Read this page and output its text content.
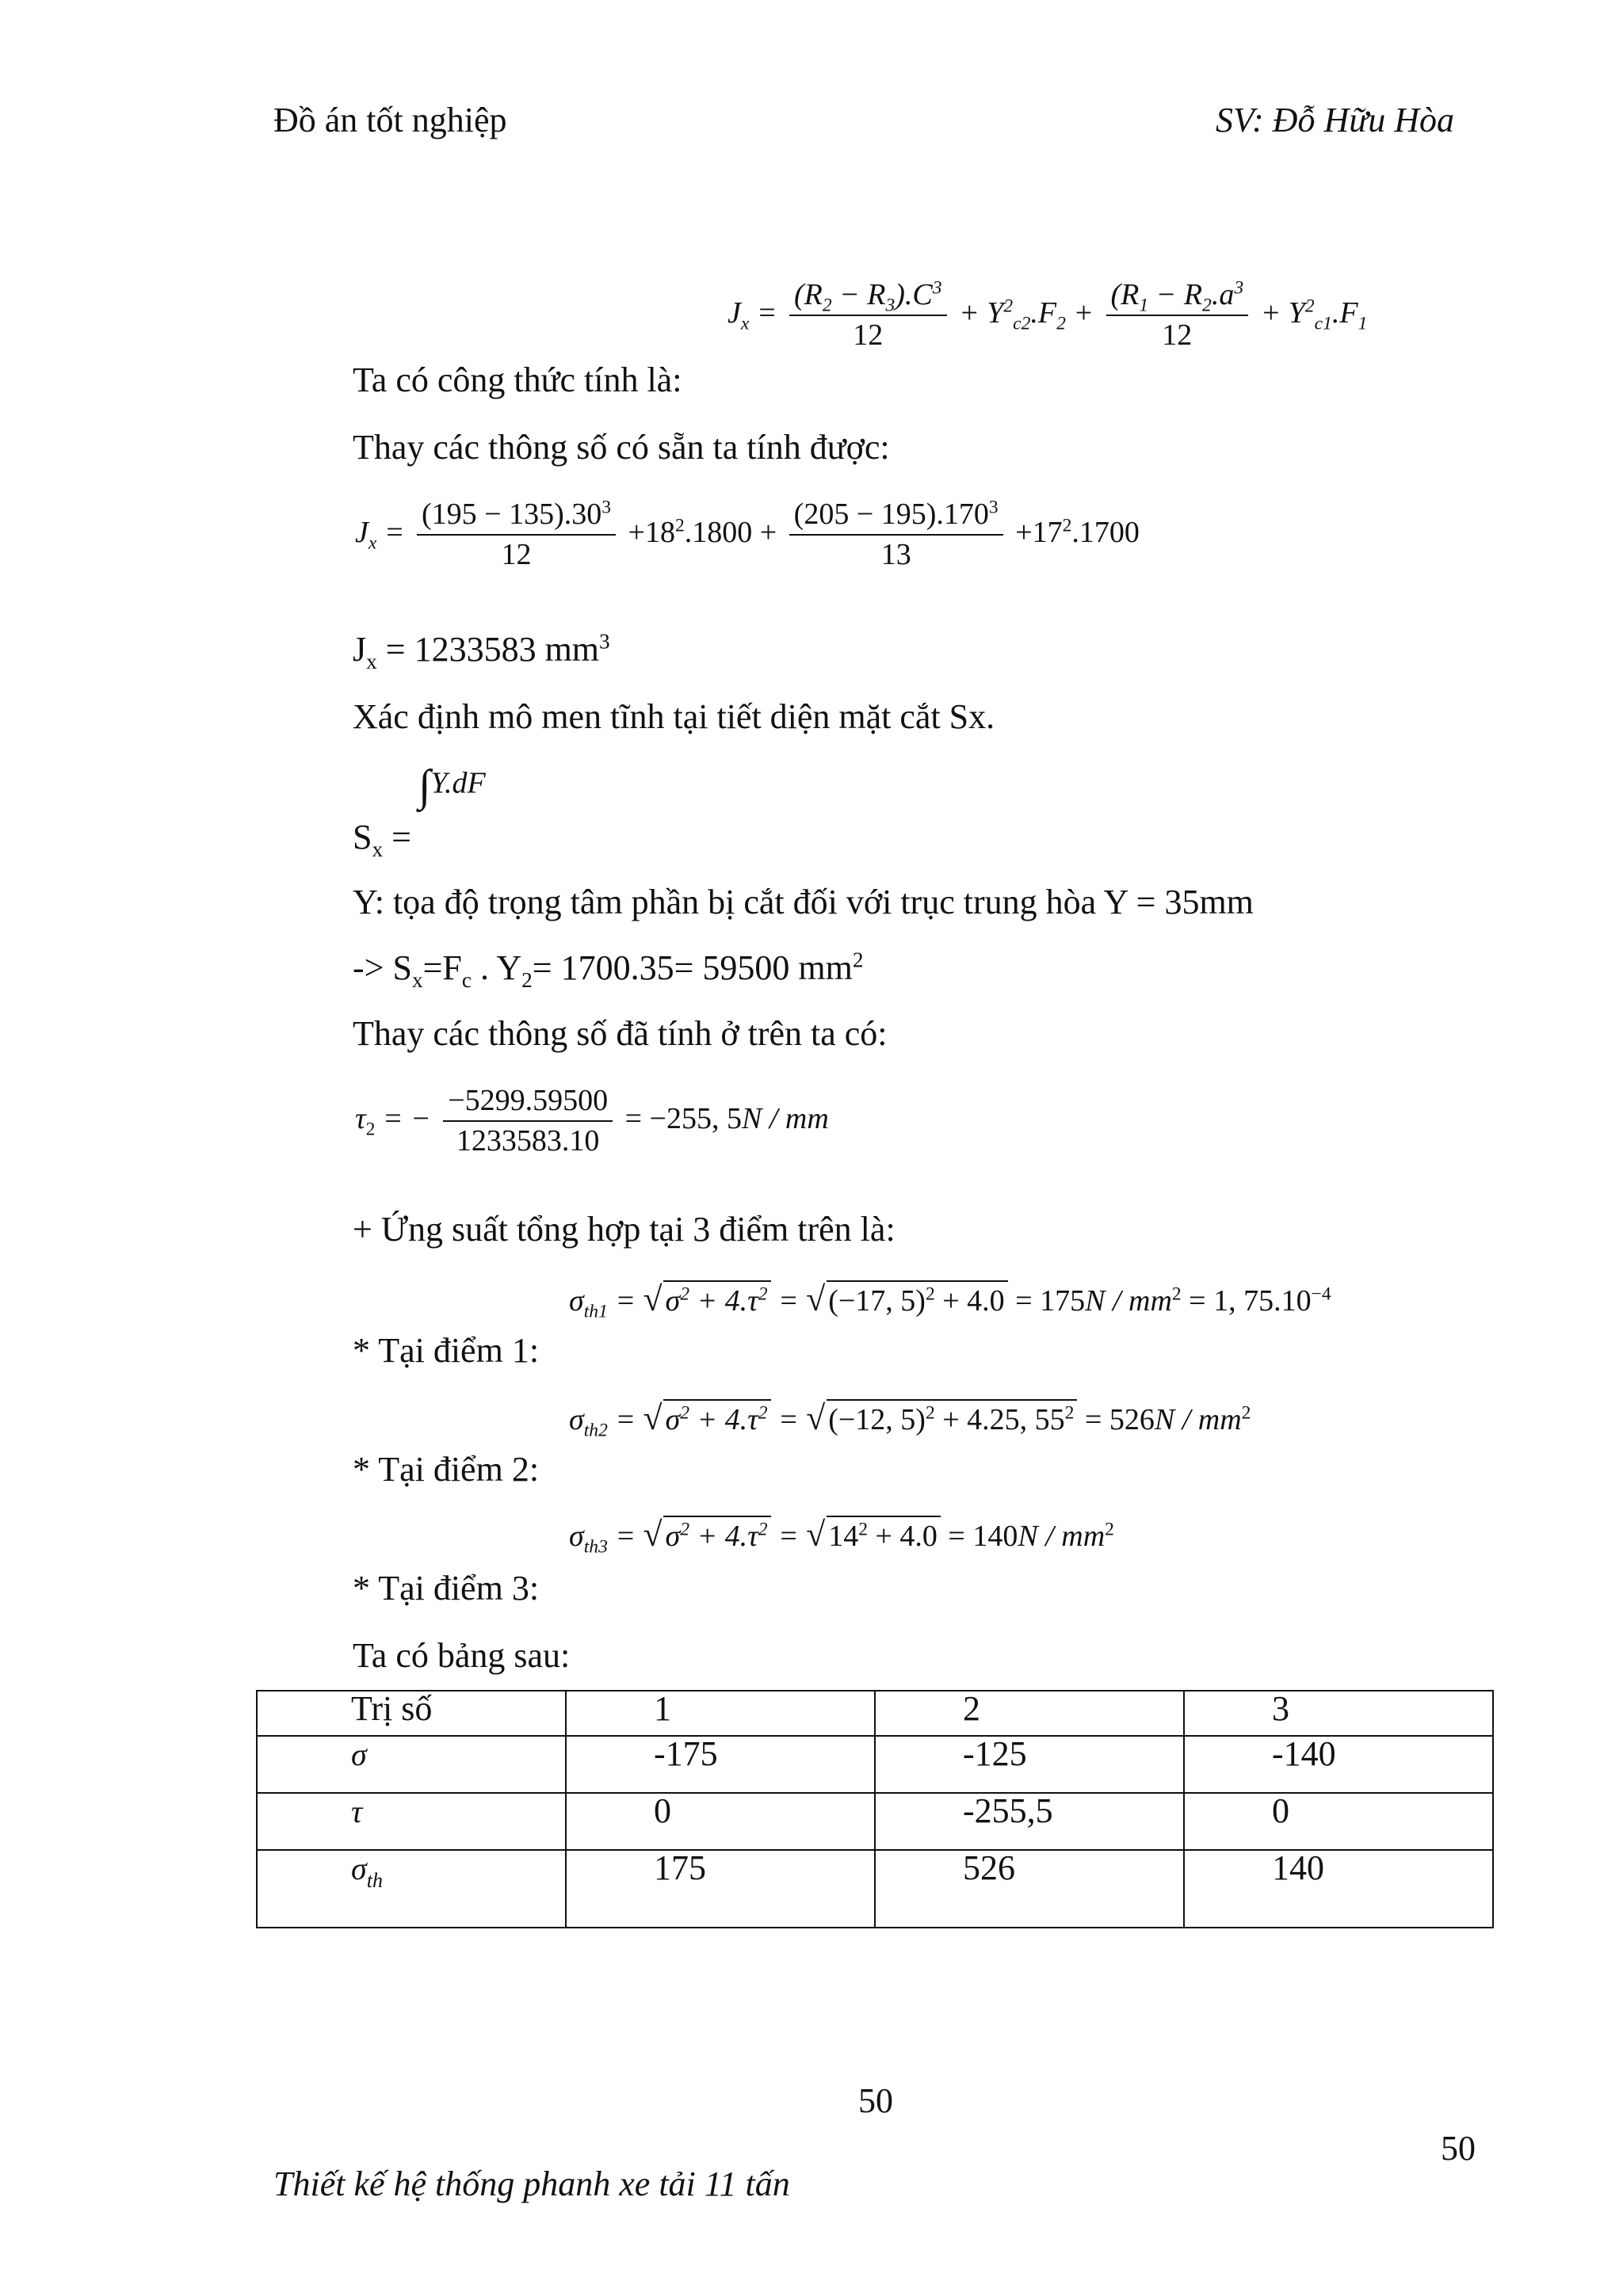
Đồ án tốt nghiệp	SV: Đỗ Hữu Hòa
$J_x = \frac{(R_2 - R_3).C^3}{12} + Y^2_{c2}.F_2 + \frac{(R_1 - R_2.a^3}{12} + Y^2_{c1}.F_1$
Ta có công thức tính là:
Thay các thông số có sẵn ta tính được:
$J_x = \frac{(195 - 135).30^3}{12} +18^2.1800 + \frac{(205 - 195).170^3}{13} +17^2.1700$
$J_x = 1233583$ $mm^3$
Xác định mô men tĩnh tại tiết diện mặt cắt Sx.
∫Y.dF
$S_x$ =
Y: tọa độ trọng tâm phần bị cắt đối với trục trung hòa Y = 35mm
-> $S_x=F_c$ . $Y_2= 1700.35= 59500$ $mm^2$
Thay các thông số đã tính ở trên ta có:
$\tau_2$ = − $\frac{-5299.59500}{1233583.10} = -255$, 5N / mm
+ Ứng suất tổng hợp tại 3 điểm trên là:
$\sigma_{th1}$ = √ $\sigma^2 + 4.\tau^2$ = √ (−17, $5)^2 + 4.0 = 175N / mm^2 = 1$, $75.10^{-4}$
* Tại điểm 1:
$\sigma_{th2}$ = √ $\sigma^2 + 4.\tau^2$ = √ (−12, 5)$^2$ + 4.25, $55^2 = 526N / mm^2$
* Tại điểm 2:
$\sigma_{th3}$ = √ $\sigma^2 + 4.\tau^2$ = √ $14^2 + 4.0 = 140N / mm^2$
* Tại điểm 3:
Ta có bảng sau:
Trị số	1	2	3
σ	-175	-125	-140
τ	0	-255,5	0
$\sigma_{th}$	175	526	140
50
50
Thiết kế hệ thống phanh xe tải 11 tấn
